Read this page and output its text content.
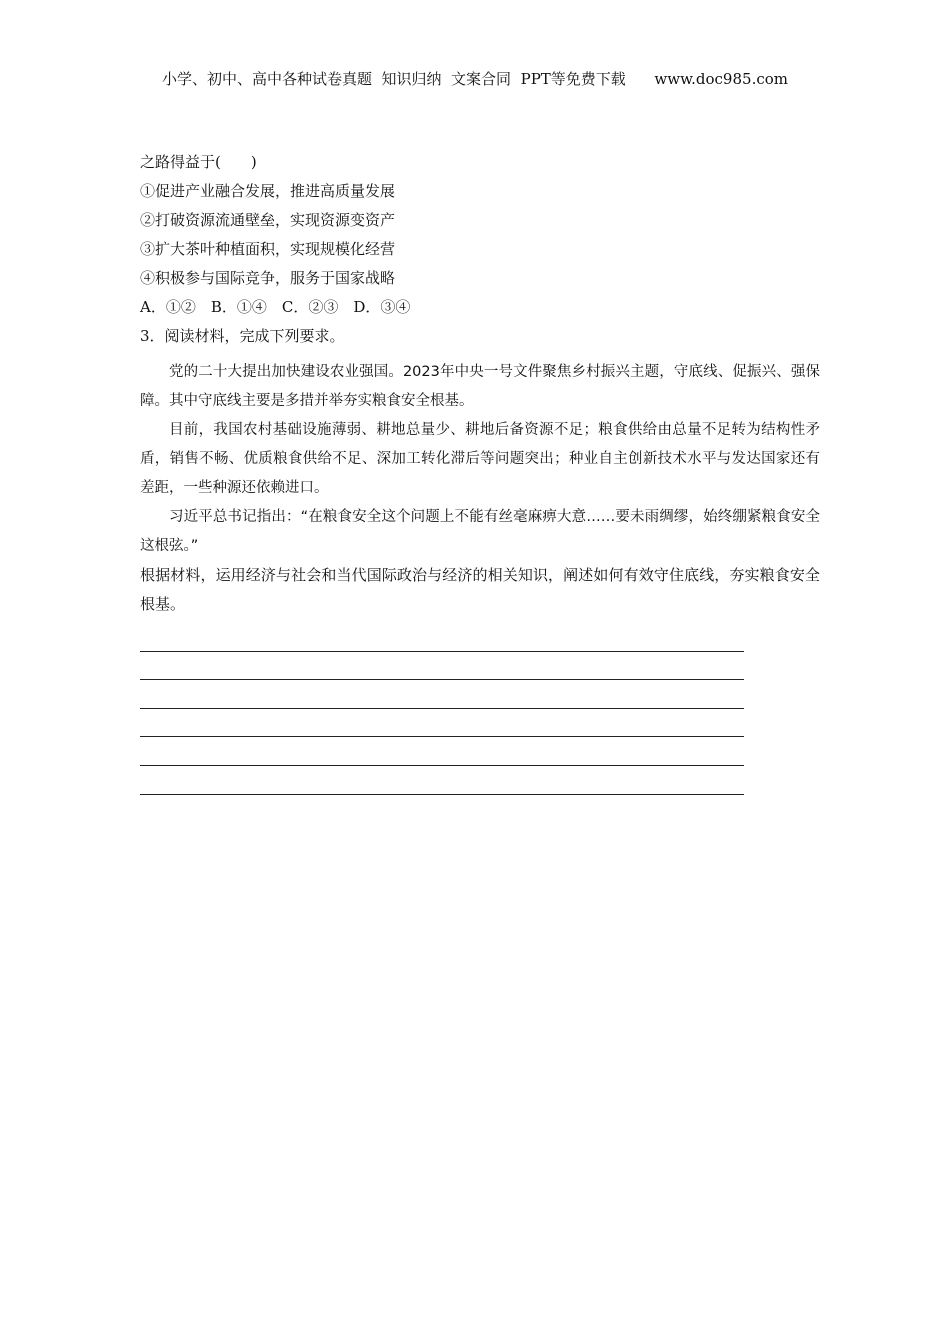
小学、初中、高中各种试卷真题  知识归纳  文案合同  PPT等免费下载      www.doc985.com
之路得益于(　　)
①促进产业融合发展，推进高质量发展
②打破资源流通壁垒，实现资源变资产
③扩大茶叶种植面积，实现规模化经营
④积极参与国际竞争，服务于国家战略
A．①②　B．①④　C．②③　D．③④
3．阅读材料，完成下列要求。

党的二十大提出加快建设农业强国。2023年中央一号文件聚焦乡村振兴主题，守底线、促振兴、强保障。其中守底线主要是多措并举夯实粮食安全根基。

目前，我国农村基础设施薄弱、耕地总量少、耕地后备资源不足；粮食供给由总量不足转为结构性矛盾，销售不畅、优质粮食供给不足、深加工转化滞后等问题突出；种业自主创新技术水平与发达国家还有差距，一些种源还依赖进口。

习近平总书记指出：“在粮食安全这个问题上不能有丝毫麻痹大意……要未雨绸缪，始终绷紧粮食安全这根弦。”

根据材料，运用经济与社会和当代国际政治与经济的相关知识，阐述如何有效守住底线，夯实粮食安全根基。
